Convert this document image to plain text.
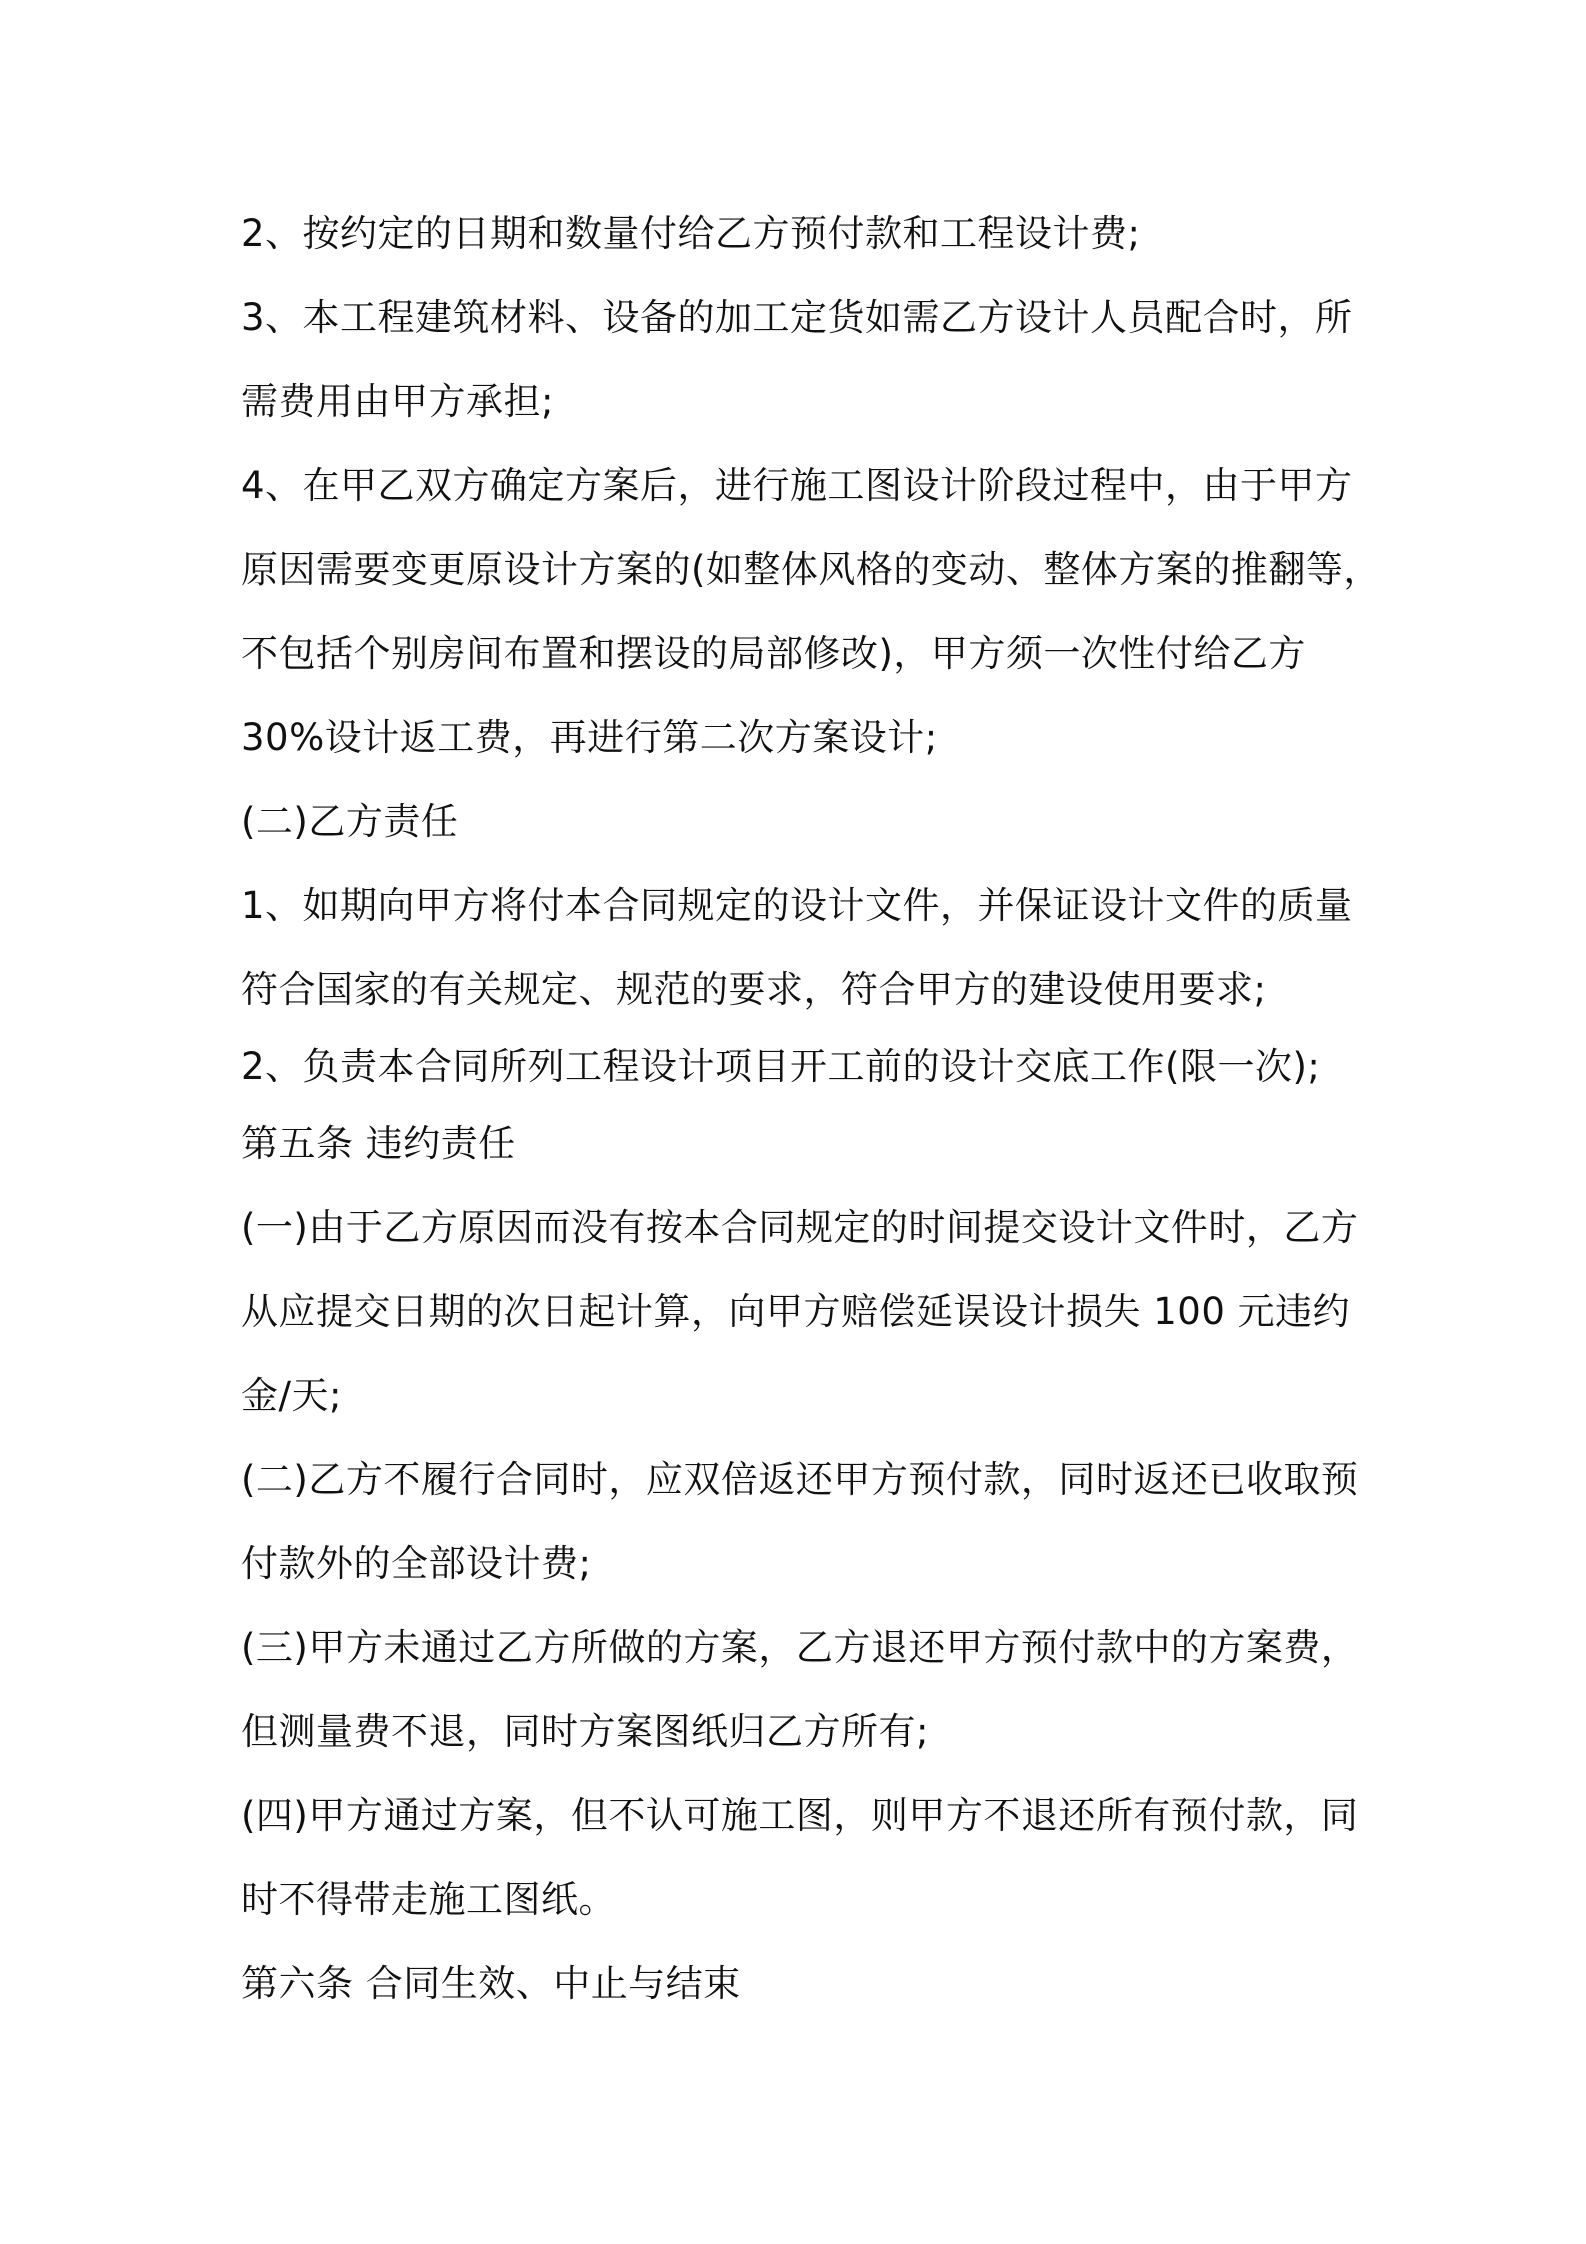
2、按约定的日期和数量付给乙方预付款和工程设计费;
3、本工程建筑材料、设备的加工定货如需乙方设计人员配合时，所
需费用由甲方承担;
4、在甲乙双方确定方案后，进行施工图设计阶段过程中，由于甲方
原因需要变更原设计方案的(如整体风格的变动、整体方案的推翻等，
不包括个别房间布置和摆设的局部修改)，甲方须一次性付给乙方
30%设计返工费，再进行第二次方案设计;
(二)乙方责任
1、如期向甲方将付本合同规定的设计文件，并保证设计文件的质量
符合国家的有关规定、规范的要求，符合甲方的建设使用要求;
2、负责本合同所列工程设计项目开工前的设计交底工作(限一次);
第五条 违约责任
(一)由于乙方原因而没有按本合同规定的时间提交设计文件时，乙方
从应提交日期的次日起计算，向甲方赔偿延误设计损失 100 元违约
金/天;
(二)乙方不履行合同时，应双倍返还甲方预付款，同时返还已收取预
付款外的全部设计费;
(三)甲方未通过乙方所做的方案，乙方退还甲方预付款中的方案费，
但测量费不退，同时方案图纸归乙方所有;
(四)甲方通过方案，但不认可施工图，则甲方不退还所有预付款，同
时不得带走施工图纸。
第六条 合同生效、中止与结束
